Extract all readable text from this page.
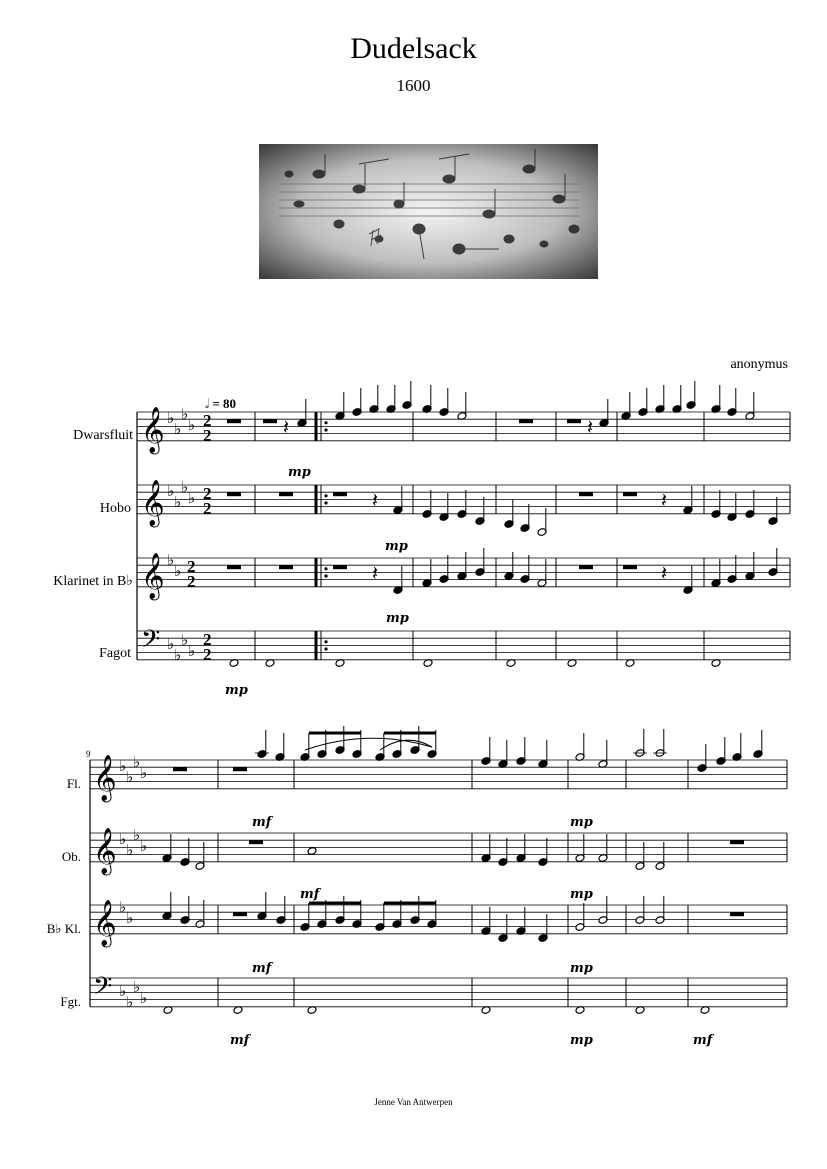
Dudelsack
1600
anonymus
𝅗𝅥 = 80
Dwarsfluit
Hobo
Klarinet in B♭
Fagot
Fl.
Ob.
B♭ Kl.
Fgt.
9
mp
mp
mp
mp
mf	mp
mf	mp
mf	mp
mf	mp	mf
𝄞
𝄞
𝄞
𝄢
♭
♭
♭
♭
♭
♭
♭
♭
♭
♭
♭
♭
♭
♭
2
2
2
2
2
2
2
2
𝄽	𝄽
𝄽	𝄽
𝄽	𝄽
𝄞
𝄞
𝄞
𝄢
♭
♭
♭
♭
♭
♭
♭
♭
♭
♭
♭
♭
♭
♭
Jenne Van Antwerpen
